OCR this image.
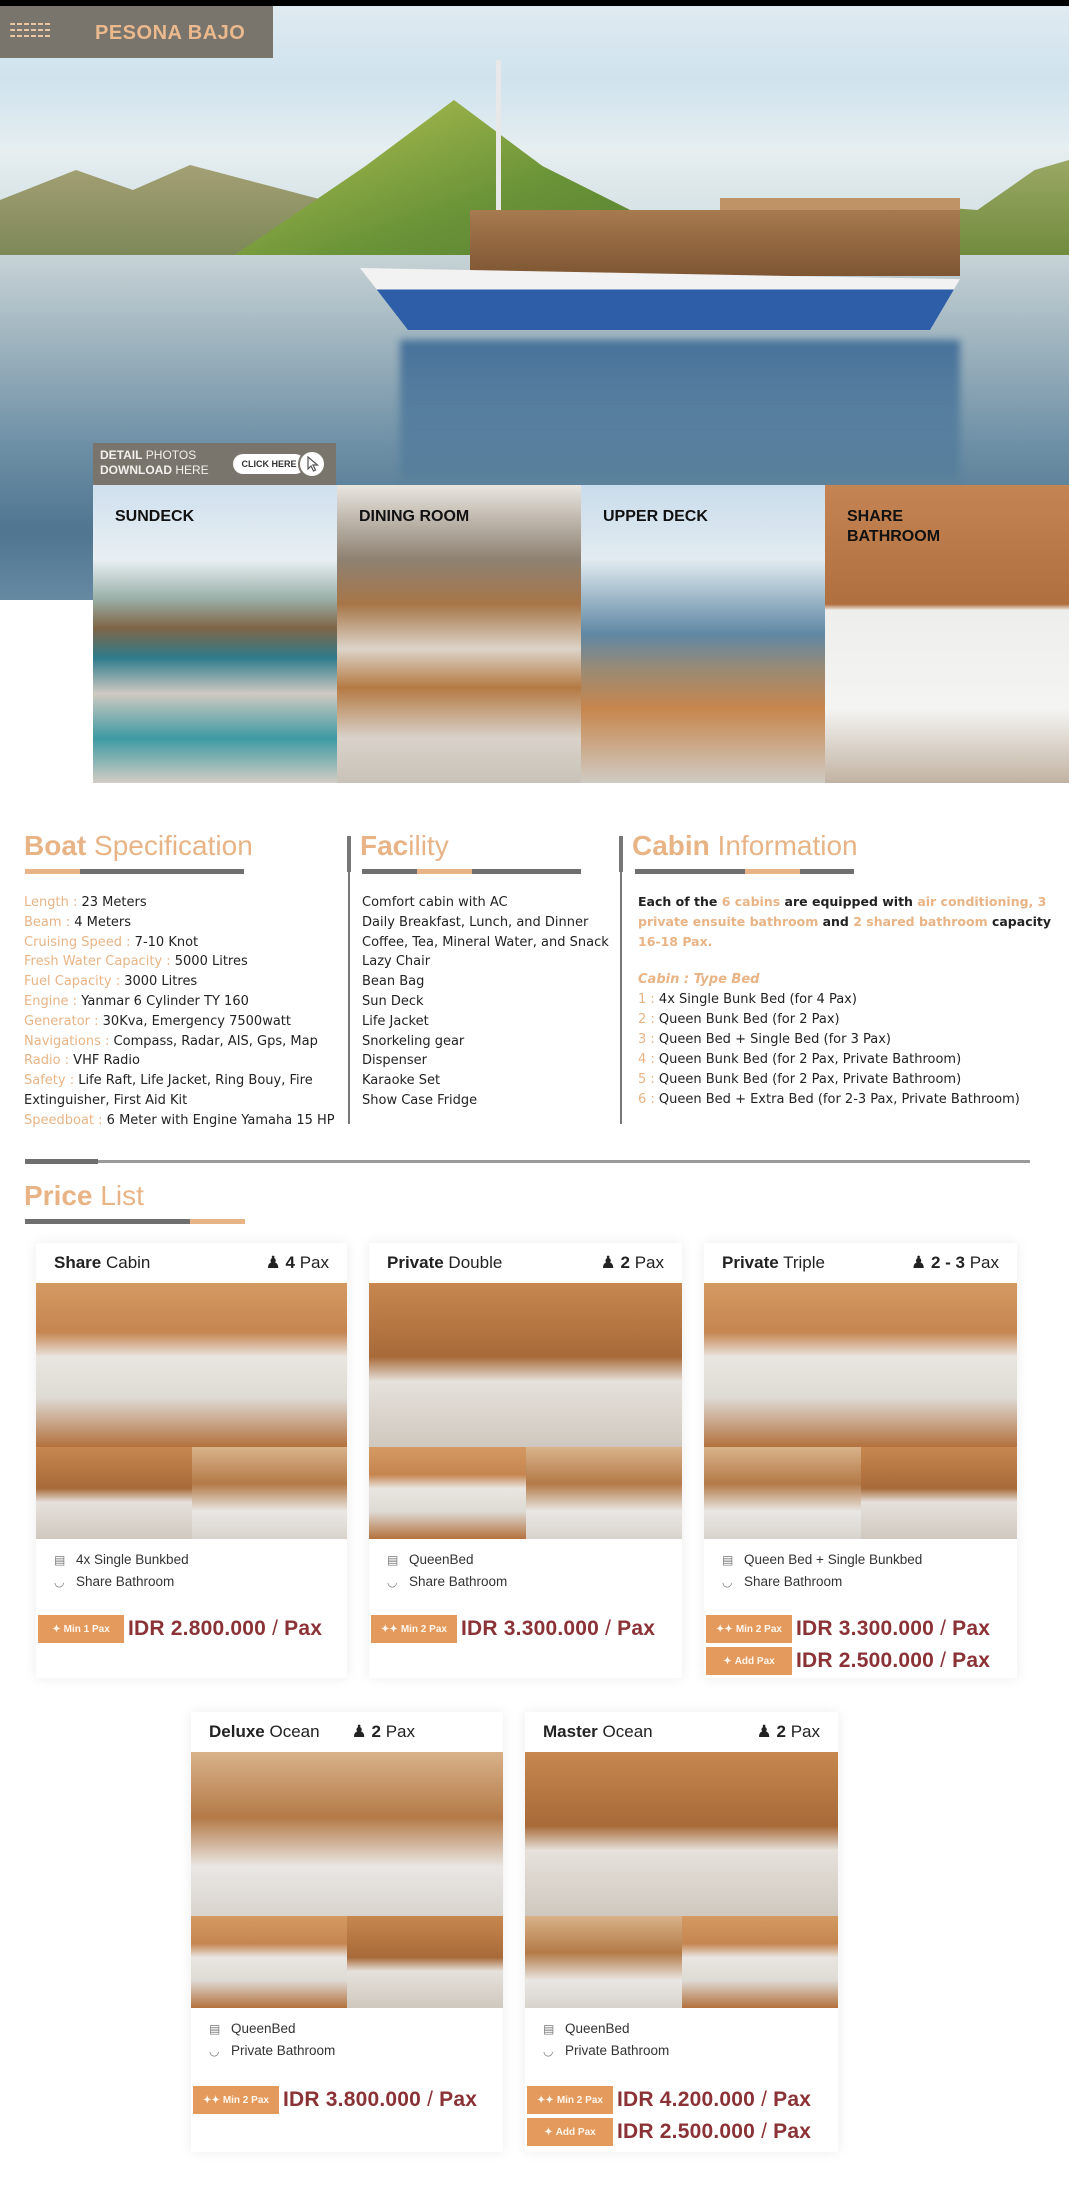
PESONA BAJO
DETAIL PHOTOS
DOWNLOAD HERE	CLICK HERE
SUNDECK	DINING ROOM	UPPER DECK	SHARE BATHROOM
Boat Specification
Length : 23 Meters
Beam : 4 Meters
Cruising Speed : 7-10 Knot
Fresh Water Capacity : 5000 Litres
Fuel Capacity : 3000 Litres
Engine : Yanmar 6 Cylinder TY 160
Generator : 30Kva, Emergency 7500watt
Navigations : Compass, Radar, AIS, Gps, Map
Radio : VHF Radio
Safety : Life Raft, Life Jacket, Ring Bouy, Fire
Extinguisher, First Aid Kit
Speedboat : 6 Meter with Engine Yamaha 15 HP
Facility
Comfort cabin with AC
Daily Breakfast, Lunch, and Dinner
Coffee, Tea, Mineral Water, and Snack
Lazy Chair
Bean Bag
Sun Deck
Life Jacket
Snorkeling gear
Dispenser
Karaoke Set
Show Case Fridge
Cabin Information
Each of the 6 cabins are equipped with air conditioning, 3 private ensuite bathroom and 2 shared bathroom capacity 16-18 Pax.
Cabin : Type Bed
1 : 4x Single Bunk Bed (for 4 Pax)
2 : Queen Bunk Bed (for 2 Pax)
3 : Queen Bed + Single Bed (for 3 Pax)
4 : Queen Bunk Bed (for 2 Pax, Private Bathroom)
5 : Queen Bunk Bed (for 2 Pax, Private Bathroom)
6 : Queen Bed + Extra Bed (for 2-3 Pax, Private Bathroom)
Price List
Share Cabin	♟ 4 Pax
▤ 4x Single Bunkbed
◡ Share Bathroom
✦ Min 1 Pax IDR 2.800.000 / Pax
Private Double	♟ 2 Pax
▤ QueenBed
◡ Share Bathroom
✦✦ Min 2 Pax IDR 3.300.000 / Pax
Private Triple	♟ 2 - 3 Pax
▤ Queen Bed + Single Bunkbed
◡ Share Bathroom
✦✦ Min 2 Pax IDR 3.300.000 / Pax
✦ Add Pax IDR 2.500.000 / Pax
Deluxe Ocean ♟ 2 Pax
▤ QueenBed
◡ Private Bathroom
✦✦ Min 2 Pax IDR 3.800.000 / Pax
Master Ocean	♟ 2 Pax
▤ QueenBed
◡ Private Bathroom
✦✦ Min 2 Pax IDR 4.200.000 / Pax
✦ Add Pax IDR 2.500.000 / Pax
